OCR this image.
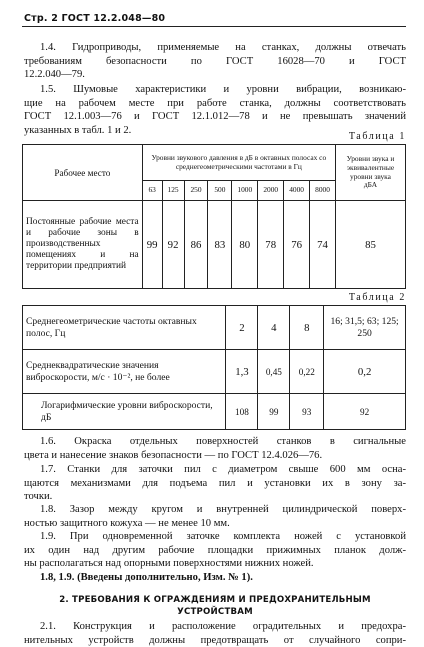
Стр. 2 ГОСТ 12.2.048—80
1.4. Гидроприводы, применяемые на станках, должны отвечать
требованиям безопасности по ГОСТ 16028—70 и ГОСТ
12.2.040—79.
1.5. Шумовые характеристики и уровни вибрации, возникаю-
щие на рабочем месте при работе станка, должны соответствовать
ГОСТ 12.1.003—76 и ГОСТ 12.1.012—78 и не превышать значений
указанных в табл. 1 и 2.
Таблица 1
Рабочее место	Уровни звукового давления в дБ в октавных полосах со среднегеометрическими частотами в Гц								Уровни звука и эквивалентные уровни звука дБА
	63	125	250	500	1000	2000	4000	8000	
Постоянные рабочие места и рабочие зоны в производственных помещениях и на территории предприятий	99	92	86	83	80	78	76	74	85
Таблица 2
Среднегеометрические частоты октавных полос, Гц	2	4	8	16; 31,5; 63; 125; 250
Среднеквадратические значения виброскорости, м/с · 10⁻², не более	1,3	0,45	0,22	0,2
Логарифмические уровни виброскорости, дБ	108	99	93	92
1.6. Окраска отдельных поверхностей станков в сигнальные
цвета и нанесение знаков безопасности — по ГОСТ 12.4.026—76.
1.7. Станки для заточки пил с диаметром свыше 600 мм осна-
щаются механизмами для подъема пил и установки их в зону за-
точки.
1.8. Зазор между кругом и внутренней цилиндрической поверх-
ностью защитного кожуха — не менее 10 мм.
1.9. При одновременной заточке комплекта ножей с установкой
их один над другим рабочие площадки прижимных планок долж-
ны располагаться над опорными поверхностями нижних ножей.
1.8, 1.9. (Введены дополнительно, Изм. № 1).
2. ТРЕБОВАНИЯ К ОГРАЖДЕНИЯМ И ПРЕДОХРАНИТЕЛЬНЫМ
УСТРОЙСТВАМ
2.1. Конструкция и расположение оградительных и предохра-
нительных устройств должны предотвращать от случайного сопри-
